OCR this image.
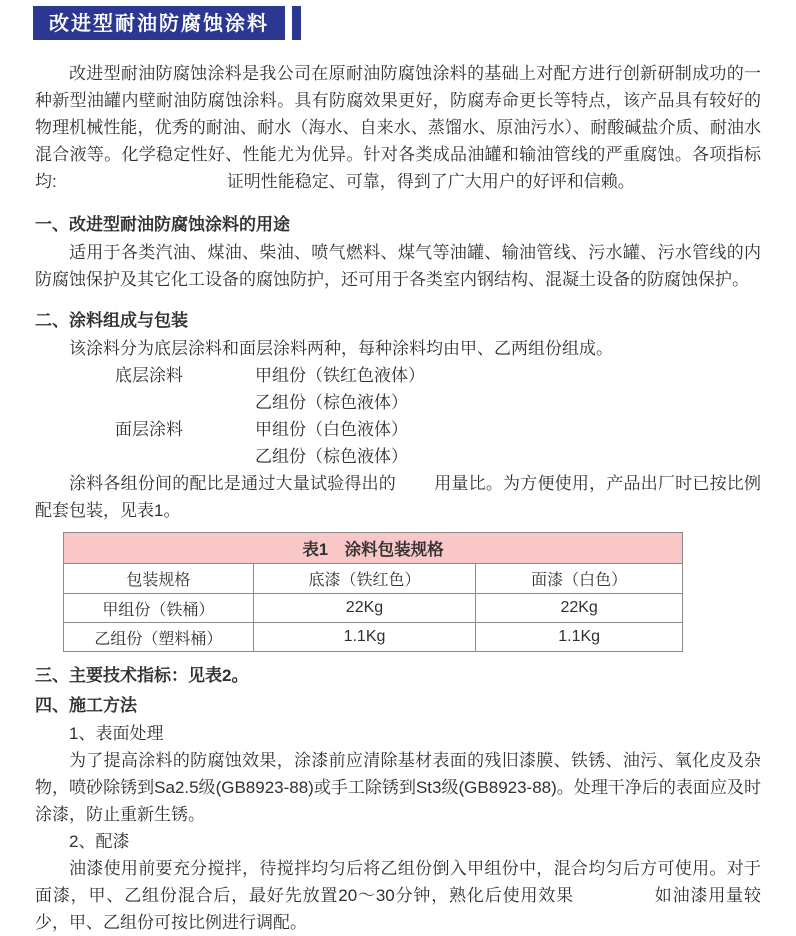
改进型耐油防腐蚀涂料

改进型耐油防腐蚀涂料是我公司在原耐油防腐蚀涂料的基础上对配方进行创新研制成功的一种新型油罐内壁耐油防腐蚀涂料。具有防腐效果更好，防腐寿命更长等特点，该产品具有较好的物理机械性能，优秀的耐油、耐水（海水、自来水、蒸馏水、原油污水）、耐酸碱盐介质、耐油水混合液等。化学稳定性好、性能尤为优异。针对各类成品油罐和输油管线的严重腐蚀。各项指标均:	证明性能稳定、可靠，得到了广大用户的好评和信赖。

一、改进型耐油防腐蚀涂料的用途

适用于各类汽油、煤油、柴油、喷气燃料、煤气等油罐、输油管线、污水罐、污水管线的内防腐蚀保护及其它化工设备的腐蚀防护，还可用于各类室内钢结构、混凝土设备的防腐蚀保护。

二、涂料组成与包装

该涂料分为底层涂料和面层涂料两种，每种涂料均由甲、乙两组份组成。

底层涂料	甲组份（铁红色液体）
乙组份（棕色液体）
面层涂料	甲组份（白色液体）
乙组份（棕色液体）

涂料各组份间的配比是通过大量试验得出的 用量比。为方便使用，产品出厂时已按比例配套包装，见表1。

表1　涂料包装规格		
包装规格	底漆（铁红色）	面漆（白色）
甲组份（铁桶）	22Kg	22Kg
乙组份（塑料桶）	1.1Kg	1.1Kg
三、主要技术指标：见表2。
四、施工方法

1、表面处理

为了提高涂料的防腐蚀效果，涂漆前应清除基材表面的残旧漆膜、铁锈、油污、氧化皮及杂物，喷砂除锈到Sa2.5级(GB8923-88)或手工除锈到St3级(GB8923-88)。处理干净后的表面应及时涂漆，防止重新生锈。

2、配漆

油漆使用前要充分搅拌，待搅拌均匀后将乙组份倒入甲组份中，混合均匀后方可使用。对于面漆，甲、乙组份混合后，最好先放置20～30分钟，熟化后使用效果	如油漆用量较少，甲、乙组份可按比例进行调配。
